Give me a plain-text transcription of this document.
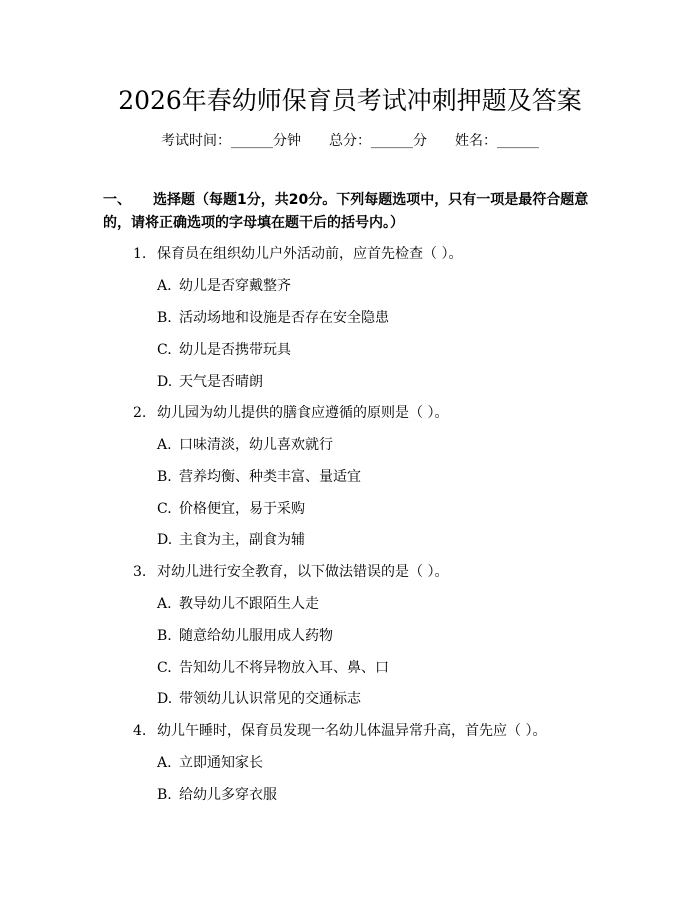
2026年春幼师保育员考试冲刺押题及答案
考试时间：______分钟 总分：______分 姓名：______
一、 选择题（每题1分，共20分。下列每题选项中，只有一项是最符合题意的，请将正确选项的字母填在题干后的括号内。）
1. 保育员在组织幼儿户外活动前，应首先检查（ ）。
A. 幼儿是否穿戴整齐
B. 活动场地和设施是否存在安全隐患
C. 幼儿是否携带玩具
D. 天气是否晴朗
2. 幼儿园为幼儿提供的膳食应遵循的原则是（ ）。
A. 口味清淡，幼儿喜欢就行
B. 营养均衡、种类丰富、量适宜
C. 价格便宜，易于采购
D. 主食为主，副食为辅
3. 对幼儿进行安全教育，以下做法错误的是（ ）。
A. 教导幼儿不跟陌生人走
B. 随意给幼儿服用成人药物
C. 告知幼儿不将异物放入耳、鼻、口
D. 带领幼儿认识常见的交通标志
4. 幼儿午睡时，保育员发现一名幼儿体温异常升高，首先应（ ）。
A. 立即通知家长
B. 给幼儿多穿衣服
